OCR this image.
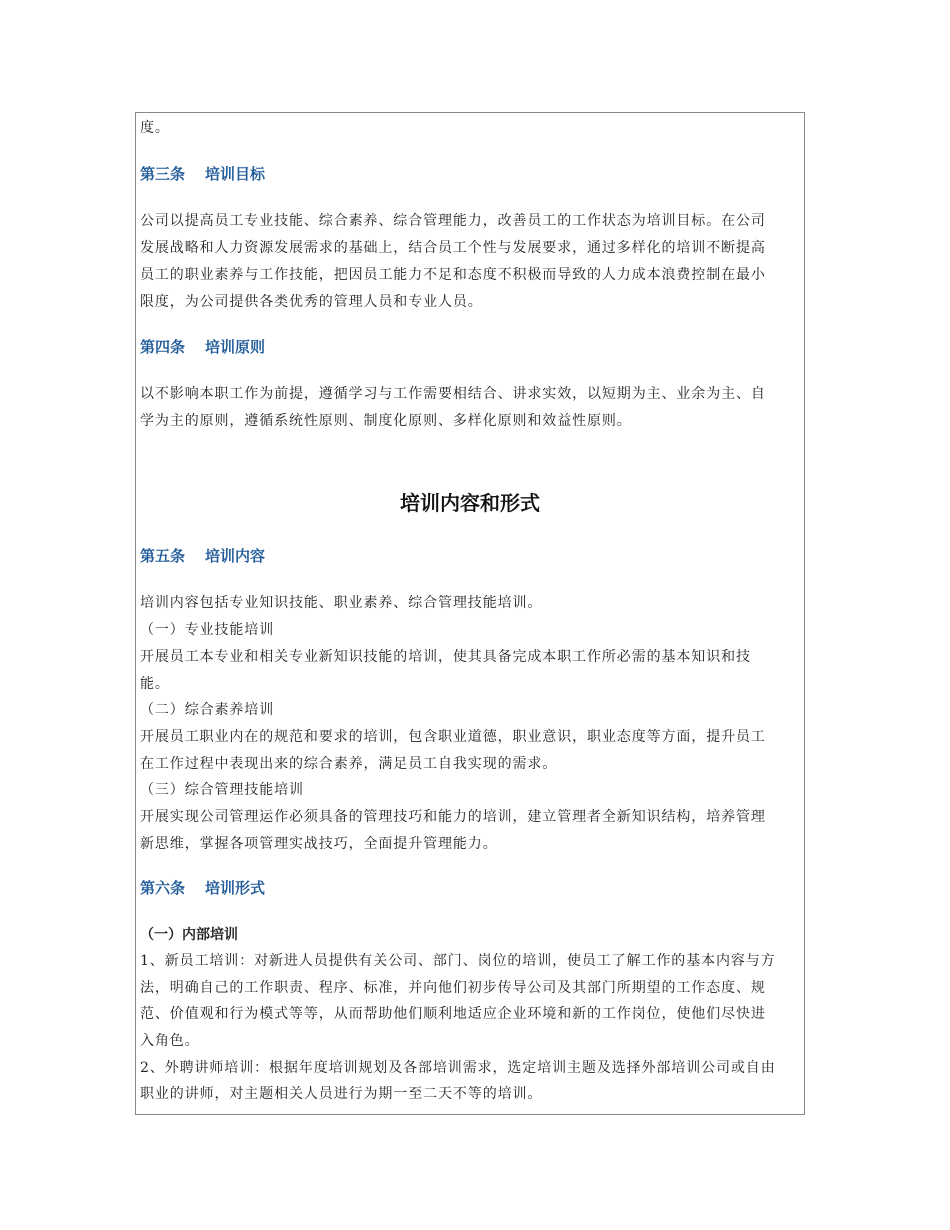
度。
第三条 培训目标
公司以提高员工专业技能、综合素养、综合管理能力，改善员工的工作状态为培训目标。在公司
发展战略和人力资源发展需求的基础上，结合员工个性与发展要求，通过多样化的培训不断提高
员工的职业素养与工作技能，把因员工能力不足和态度不积极而导致的人力成本浪费控制在最小
限度，为公司提供各类优秀的管理人员和专业人员。
第四条 培训原则
以不影响本职工作为前提，遵循学习与工作需要相结合、讲求实效，以短期为主、业余为主、自
学为主的原则，遵循系统性原则、制度化原则、多样化原则和效益性原则。
培训内容和形式
第五条 培训内容
培训内容包括专业知识技能、职业素养、综合管理技能培训。
（一）专业技能培训
开展员工本专业和相关专业新知识技能的培训，使其具备完成本职工作所必需的基本知识和技
能。
（二）综合素养培训
开展员工职业内在的规范和要求的培训，包含职业道德，职业意识，职业态度等方面，提升员工
在工作过程中表现出来的综合素养，满足员工自我实现的需求。
（三）综合管理技能培训
开展实现公司管理运作必须具备的管理技巧和能力的培训，建立管理者全新知识结构，培养管理
新思维，掌握各项管理实战技巧，全面提升管理能力。
第六条 培训形式
（一）内部培训
1、新员工培训：对新进人员提供有关公司、部门、岗位的培训，使员工了解工作的基本内容与方
法，明确自己的工作职责、程序、标准，并向他们初步传导公司及其部门所期望的工作态度、规
范、价值观和行为模式等等，从而帮助他们顺利地适应企业环境和新的工作岗位，使他们尽快进
入角色。
2、外聘讲师培训：根据年度培训规划及各部培训需求，选定培训主题及选择外部培训公司或自由
职业的讲师，对主题相关人员进行为期一至二天不等的培训。
